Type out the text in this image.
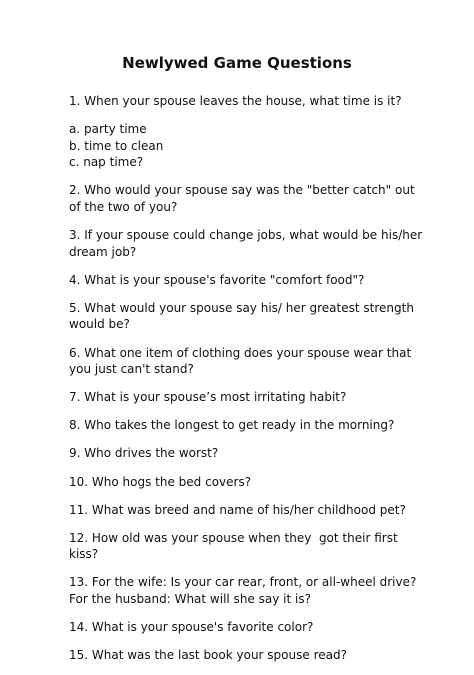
Newlywed Game Questions

1. When your spouse leaves the house, what time is it?

a. party time
b. time to clean
c. nap time?

2. Who would your spouse say was the "better catch" out of the two of you?

3. If your spouse could change jobs, what would be his/her dream job?

4. What is your spouse's favorite "comfort food"?

5. What would your spouse say his/ her greatest strength would be?

6. What one item of clothing does your spouse wear that you just can't stand?

7. What is your spouse’s most irritating habit?

8. Who takes the longest to get ready in the morning?

9. Who drives the worst?

10. Who hogs the bed covers?

11. What was breed and name of his/her childhood pet?

12. How old was your spouse when they  got their first kiss?

13. For the wife: Is your car rear, front, or all-wheel drive? For the husband: What will she say it is?

14. What is your spouse's favorite color?

15. What was the last book your spouse read?
